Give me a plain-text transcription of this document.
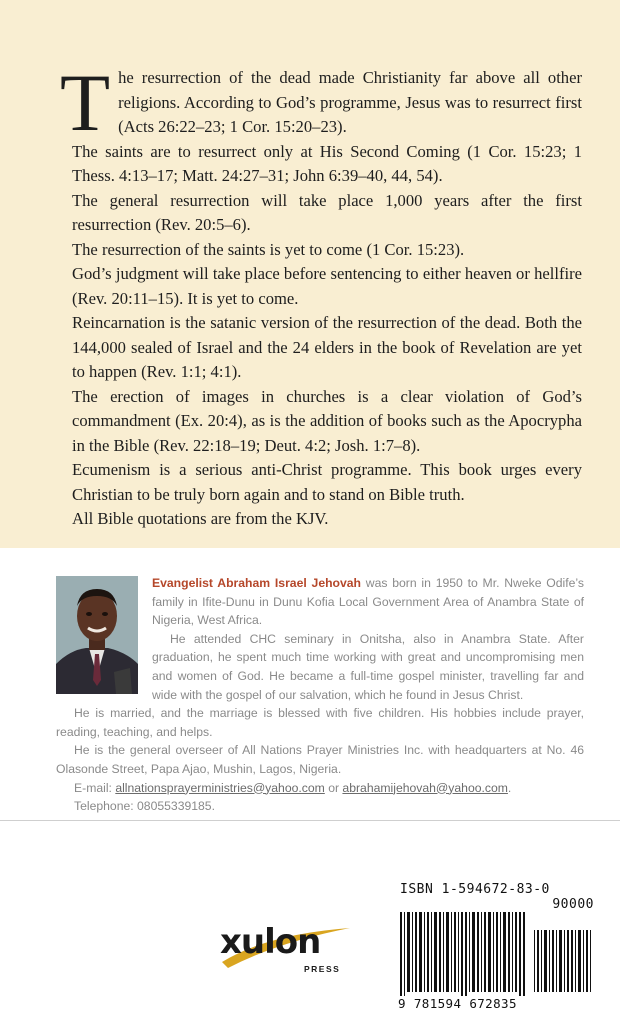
The resurrection of the dead made Christianity far above all other religions. According to God’s programme, Jesus was to resurrect first (Acts 26:22–23; 1 Cor. 15:20–23).

The saints are to resurrect only at His Second Coming (1 Cor. 15:23; 1 Thess. 4:13–17; Matt. 24:27–31; John 6:39–40, 44, 54).

The general resurrection will take place 1,000 years after the first resurrection (Rev. 20:5–6).

The resurrection of the saints is yet to come (1 Cor. 15:23).

God’s judgment will take place before sentencing to either heaven or hellfire (Rev. 20:11–15). It is yet to come.

Reincarnation is the satanic version of the resurrection of the dead. Both the 144,000 sealed of Israel and the 24 elders in the book of Revelation are yet to happen (Rev. 1:1; 4:1).

The erection of images in churches is a clear violation of God’s commandment (Ex. 20:4), as is the addition of books such as the Apocrypha in the Bible (Rev. 22:18–19; Deut. 4:2; Josh. 1:7–8).

Ecumenism is a serious anti-Christ programme. This book urges every Christian to be truly born again and to stand on Bible truth.

All Bible quotations are from the KJV.

Evangelist Abraham Israel Jehovah was born in 1950 to Mr. Nweke Odife’s family in Ifite-Dunu in Dunu Kofia Local Government Area of Anambra State of Nigeria, West Africa.

He attended CHC seminary in Onitsha, also in Anambra State. After graduation, he spent much time working with great and uncompromising men and women of God. He became a full-time gospel minister, travelling far and wide with the gospel of our salvation, which he found in Jesus Christ.

He is married, and the marriage is blessed with five children. His hobbies include prayer, reading, teaching, and helps.

He is the general overseer of All Nations Prayer Ministries Inc. with headquarters at No. 46 Olasonde Street, Papa Ajao, Mushin, Lagos, Nigeria.

E-mail: allnationsprayerministries@yahoo.com or abrahamijehovah@yahoo.com.

Telephone: 08055339185.

xulon
PRESS
ISBN 1-594672-83-0
90000
9 781594 672835
